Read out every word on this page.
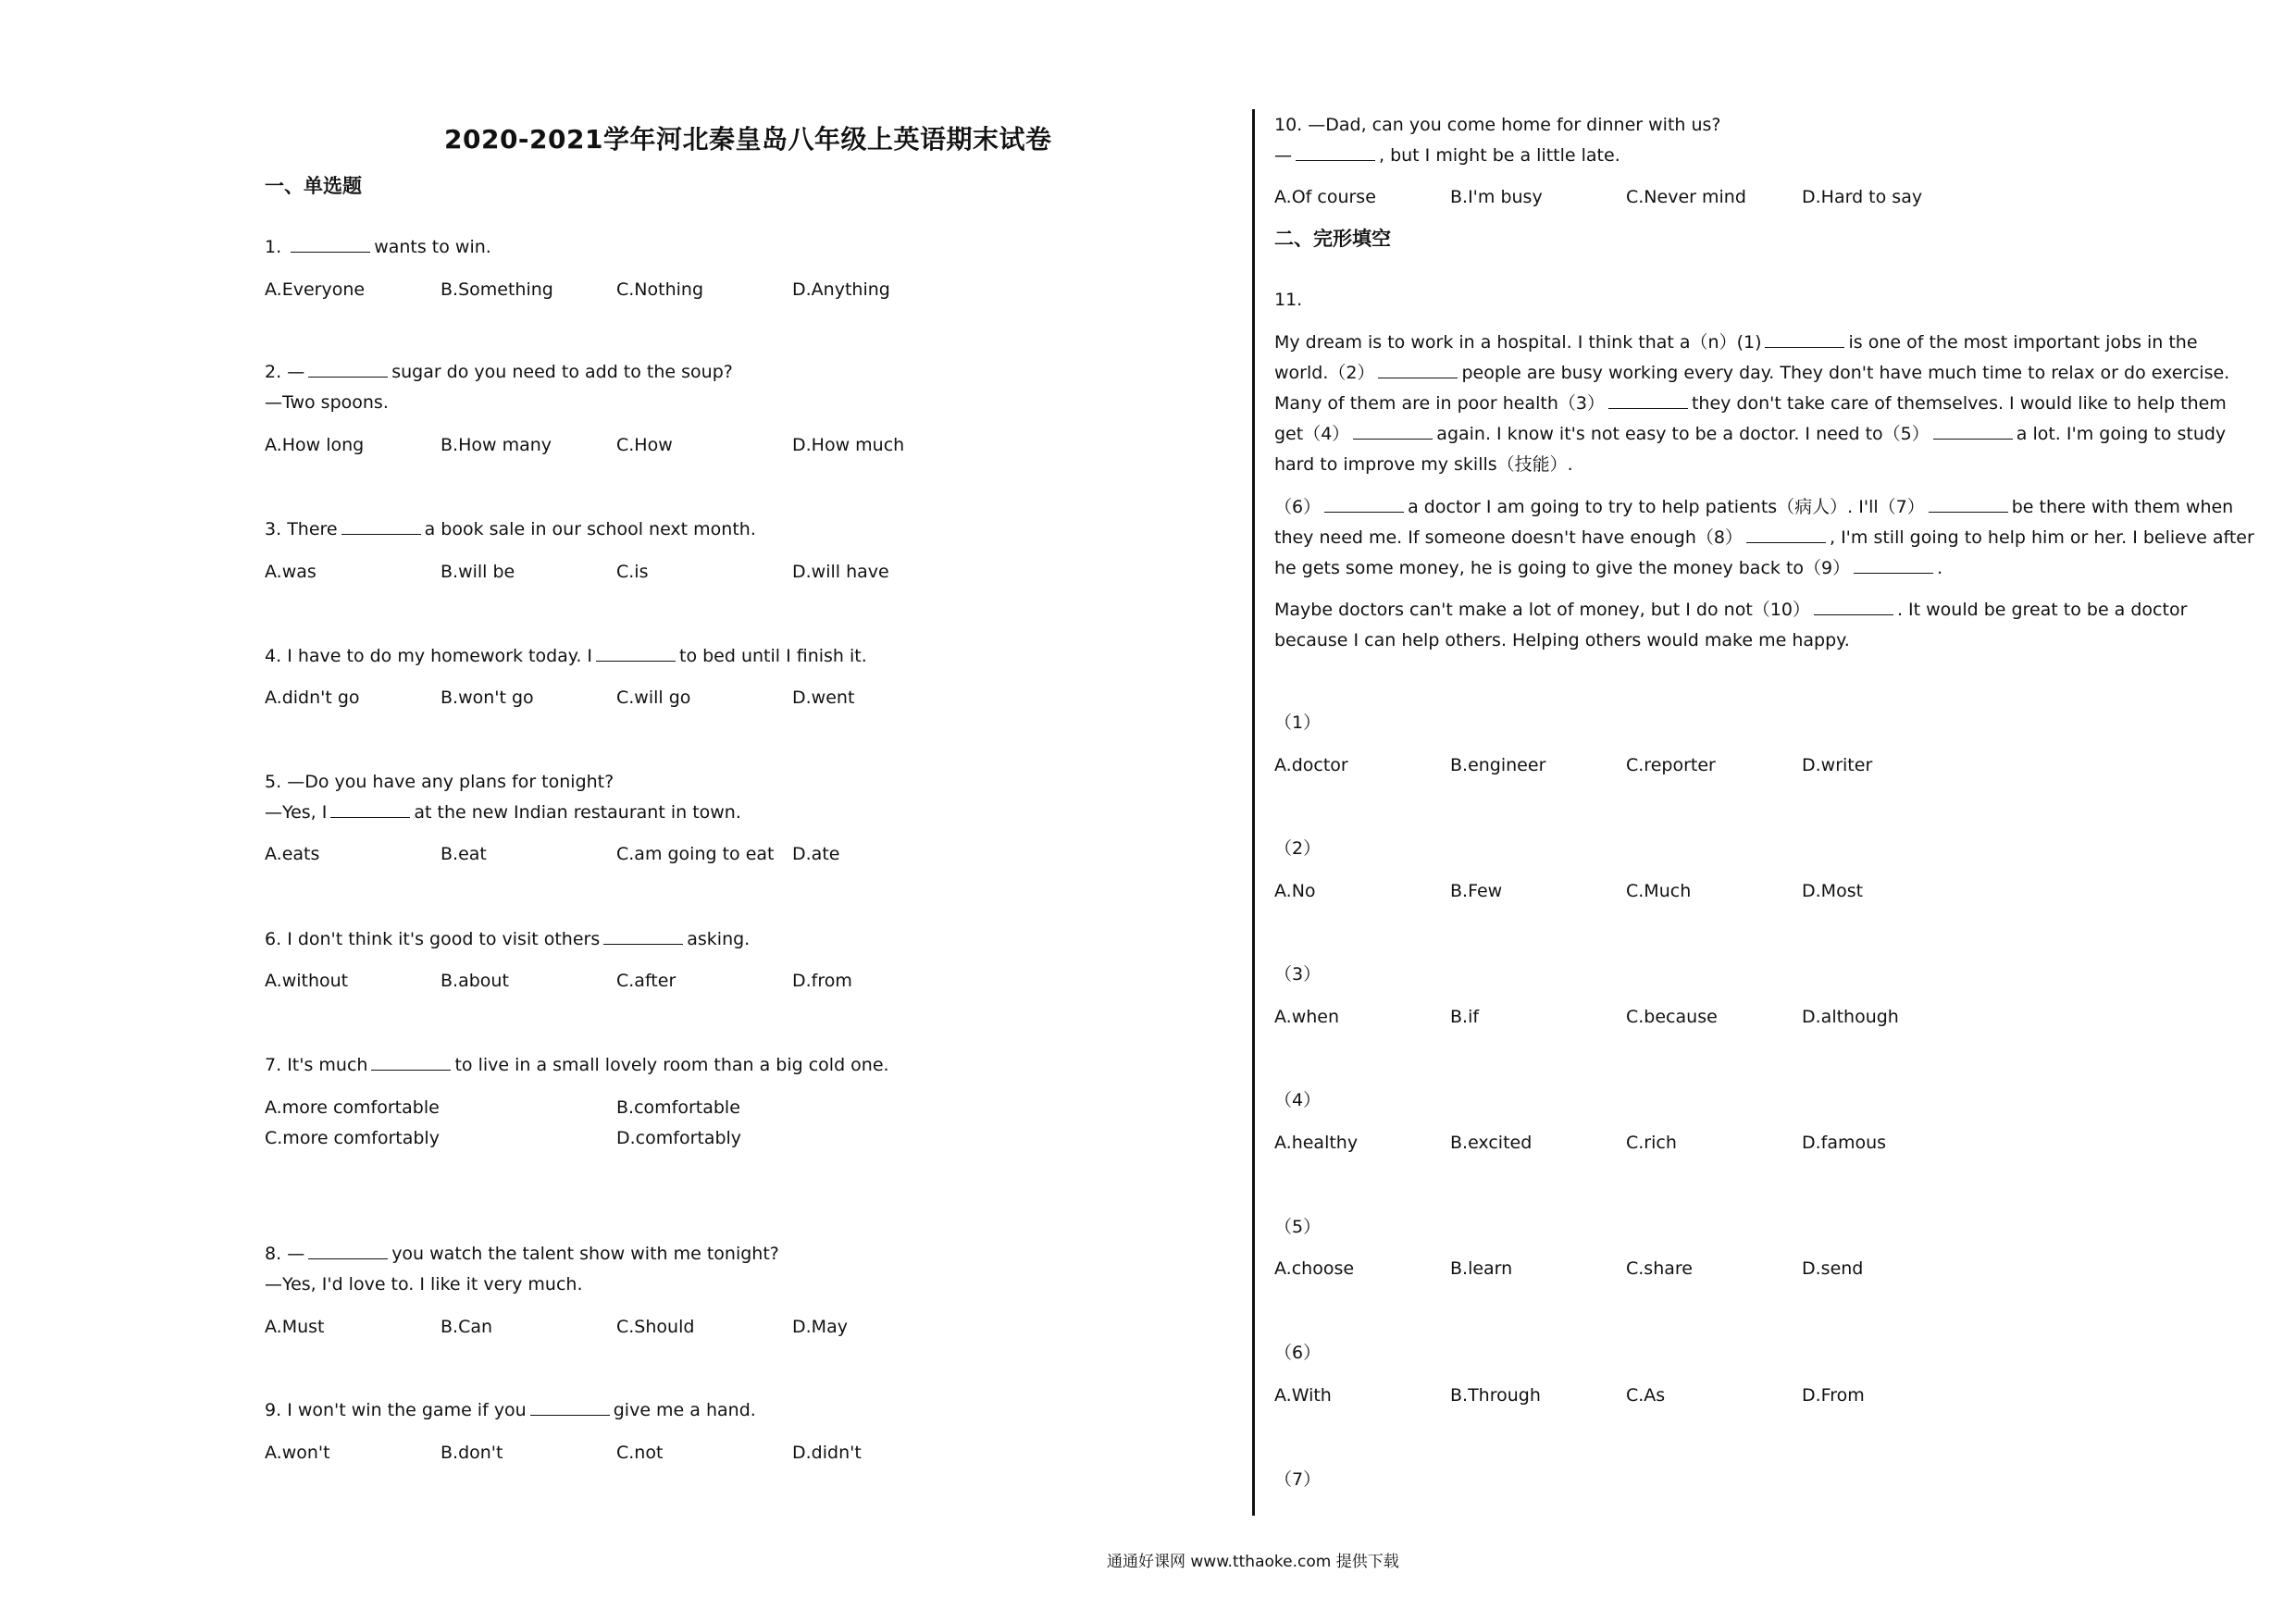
2020-2021学年河北秦皇岛八年级上英语期末试卷
一、单选题
1.	wants to win.
A.Everyone	B.Something	C.Nothing	D.Anything
2. —	sugar do you need to add to the soup?
—Two spoons.
A.How long	B.How many	C.How	D.How much
3. There	a book sale in our school next month.
A.was	B.will be	C.is	D.will have
4. I have to do my homework today. I	to bed until I finish it.
A.didn't go	B.won't go	C.will go	D.went
5. —Do you have any plans for tonight?
—Yes, I	at the new Indian restaurant in town.
A.eats	B.eat	C.am going to eat D.ate
6. I don't think it's good to visit others	asking.
A.without	B.about	C.after	D.from
7. It's much	to live in a small lovely room than a big cold one.
A.more comfortable	B.comfortable
C.more comfortably	D.comfortably
8. —	you watch the talent show with me tonight?
—Yes, I'd love to. I like it very much.
A.Must	B.Can	C.Should	D.May
9. I won't win the game if you	give me a hand.
A.won't	B.don't	C.not	D.didn't
10. —Dad, can you come home for dinner with us?
—	, but I might be a little late.
A.Of course	B.I'm busy	C.Never mind	D.Hard to say
二、完形填空
11.
My dream is to work in a hospital. I think that a（n）(1)	is one of the most important jobs in the world.（2）	people are busy working every day. They don't have much time to relax or do exercise. Many of them are in poor health（3）	they don't take care of themselves. I would like to help them get（4）	again. I know it's not easy to be a doctor. I need to（5）	a lot. I'm going to study hard to improve my skills（技能）.
（6）	a doctor I am going to try to help patients（病人）. I'll（7）	be there with them when they need me. If someone doesn't have enough（8）	, I'm still going to help him or her. I believe after he gets some money, he is going to give the money back to（9）	.
Maybe doctors can't make a lot of money, but I do not（10）	. It would be great to be a doctor because I can help others. Helping others would make me happy.
（1）
A.doctor	B.engineer	C.reporter	D.writer
（2）
A.No	B.Few	C.Much	D.Most
（3）
A.when	B.if	C.because	D.although
（4）
A.healthy	B.excited	C.rich	D.famous
（5）
A.choose	B.learn	C.share	D.send
（6）
A.With	B.Through	C.As	D.From
（7）
通通好课网 www.tthaoke.com 提供下载
